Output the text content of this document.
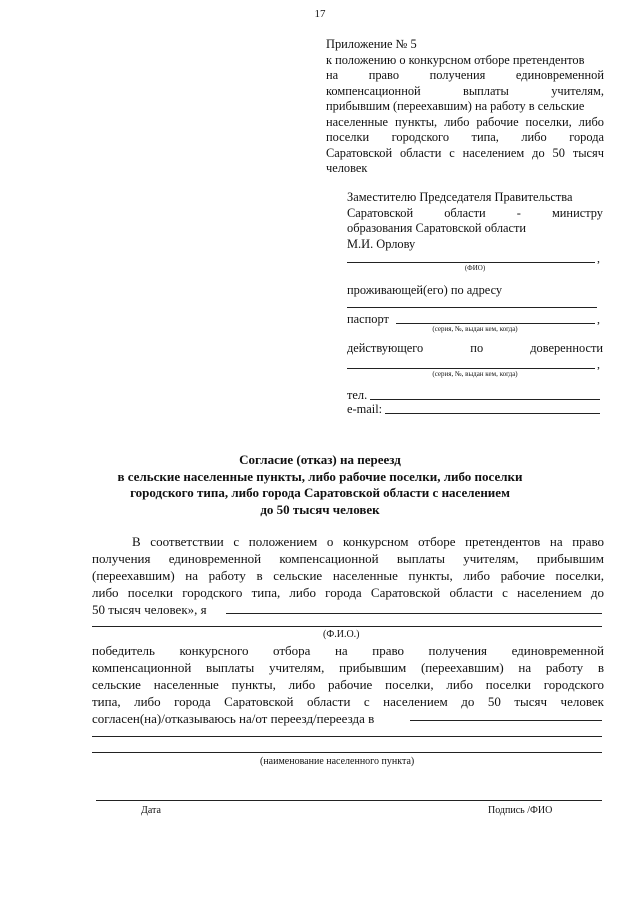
17
Приложение № 5
к положению о конкурсном отборе претендентов
на право получения единовременной
компенсационной выплаты учителям,
прибывшим (переехавшим) на работу в сельские
населенные пункты, либо рабочие поселки, либо
поселки городского типа, либо города
Саратовской области с населением до 50 тысяч
человек
Заместителю Председателя Правительства
Саратовской области - министру
образования Саратовской области
М.И. Орлову
,
(ФИО)
проживающей(его) по адресу
паспорт	,
(серия, №, выдан кем, когда)
действующего по доверенности
,
(серия, №, выдан кем, когда)
тел.
e-mail:
Согласие (отказ) на переезд
в сельские населенные пункты, либо рабочие поселки, либо поселки
городского типа, либо города Саратовской области с населением
до 50 тысяч человек
В соответствии с положением о конкурсном отборе претендентов на право
получения единовременной компенсационной выплаты учителям, прибывшим
(переехавшим) на работу в сельские населенные пункты, либо рабочие поселки,
либо поселки городского типа, либо города Саратовской области с населением до
50 тысяч человек», я
(Ф.И.О.)
победитель конкурсного отбора на право получения единовременной
компенсационной выплаты учителям, прибывшим (переехавшим) на работу в
сельские населенные пункты, либо рабочие поселки, либо поселки городского
типа, либо города Саратовской области с населением до 50 тысяч человек
согласен(на)/отказываюсь на/от переезд/переезда в
(наименование населенного пункта)
Дата	Подпись /ФИО
